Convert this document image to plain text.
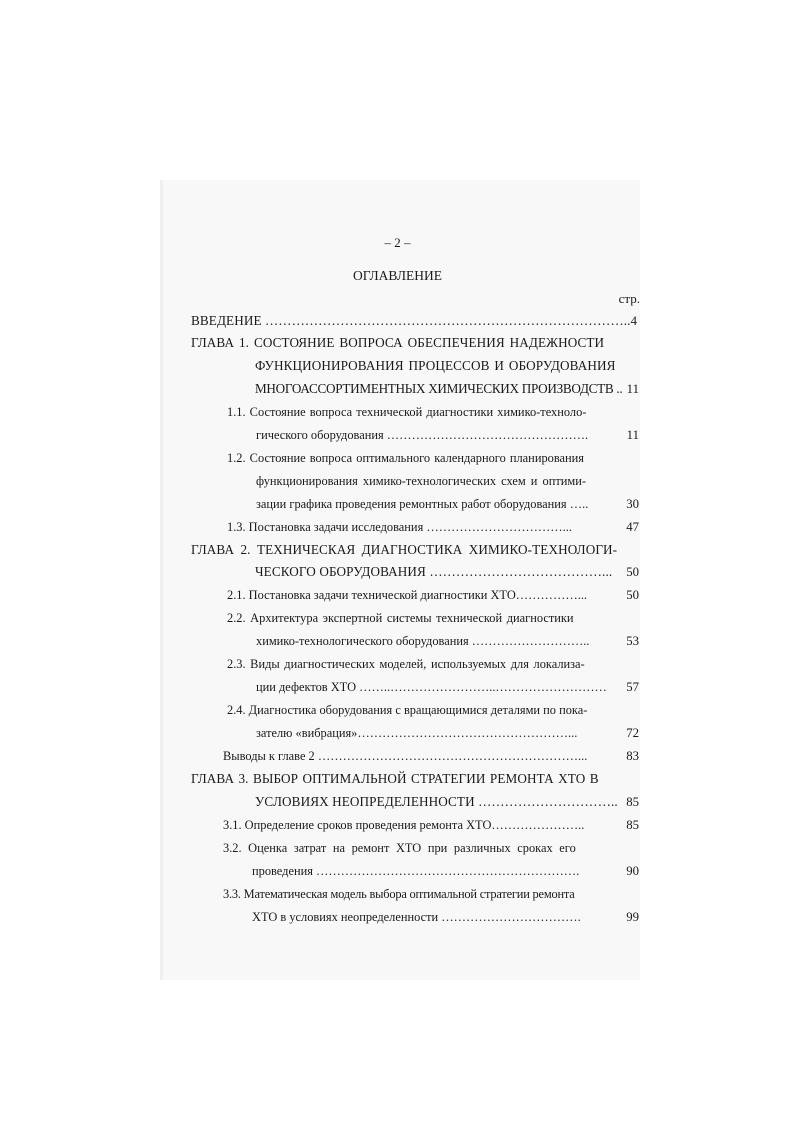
– 2 –
ОГЛАВЛЕНИЕ
стр.
ВВЕДЕНИЕ ……………………………………………………………………….. 4
ГЛАВА 1. СОСТОЯНИЕ ВОПРОСА ОБЕСПЕЧЕНИЯ НАДЕЖНОСТИ
ФУНКЦИОНИРОВАНИЯ ПРОЦЕССОВ И ОБОРУДОВАНИЯ
МНОГОАССОРТИМЕНТНЫХ ХИМИЧЕСКИХ ПРОИЗВОДСТВ .. 11
1.1. Состояние вопроса технической диагностики химико-техноло-
гического оборудования ………………………………………….	11
1.2. Состояние вопроса оптимального календарного планирования
функционирования химико-технологических схем и оптими-
зации графика проведения ремонтных работ оборудования …..	30
1.3. Постановка задачи исследования ……………………………...	47
ГЛАВА 2. ТЕХНИЧЕСКАЯ ДИАГНОСТИКА ХИМИКО-ТЕХНОЛОГИ-
ЧЕСКОГО ОБОРУДОВАНИЯ …………………………………... 50
2.1. Постановка задачи технической диагностики ХТО……………...	50
2.2. Архитектура экспертной системы технической диагностики
химико-технологического оборудования ………………………..	53
2.3. Виды диагностических моделей, используемых для локализа-
ции дефектов ХТО ……..……………………..……………………… 57
2.4. Диагностика оборудования с вращающимися деталями по пока-
зателю «вибрация»……………………………………………...	72
Выводы к главе 2 ………………………………………………………...	83
ГЛАВА 3. ВЫБОР ОПТИМАЛЬНОЙ СТРАТЕГИИ РЕМОНТА ХТО В
УСЛОВИЯХ НЕОПРЕДЕЛЕННОСТИ ………………………….. 85
3.1. Определение сроков проведения ремонта ХТО…………………..	85
3.2. Оценка затрат на ремонт ХТО при различных сроках его
проведения ……………………………………………………….	90
3.3. Математическая модель выбора оптимальной стратегии ремонта
ХТО в условиях неопределенности …………………………….	99
